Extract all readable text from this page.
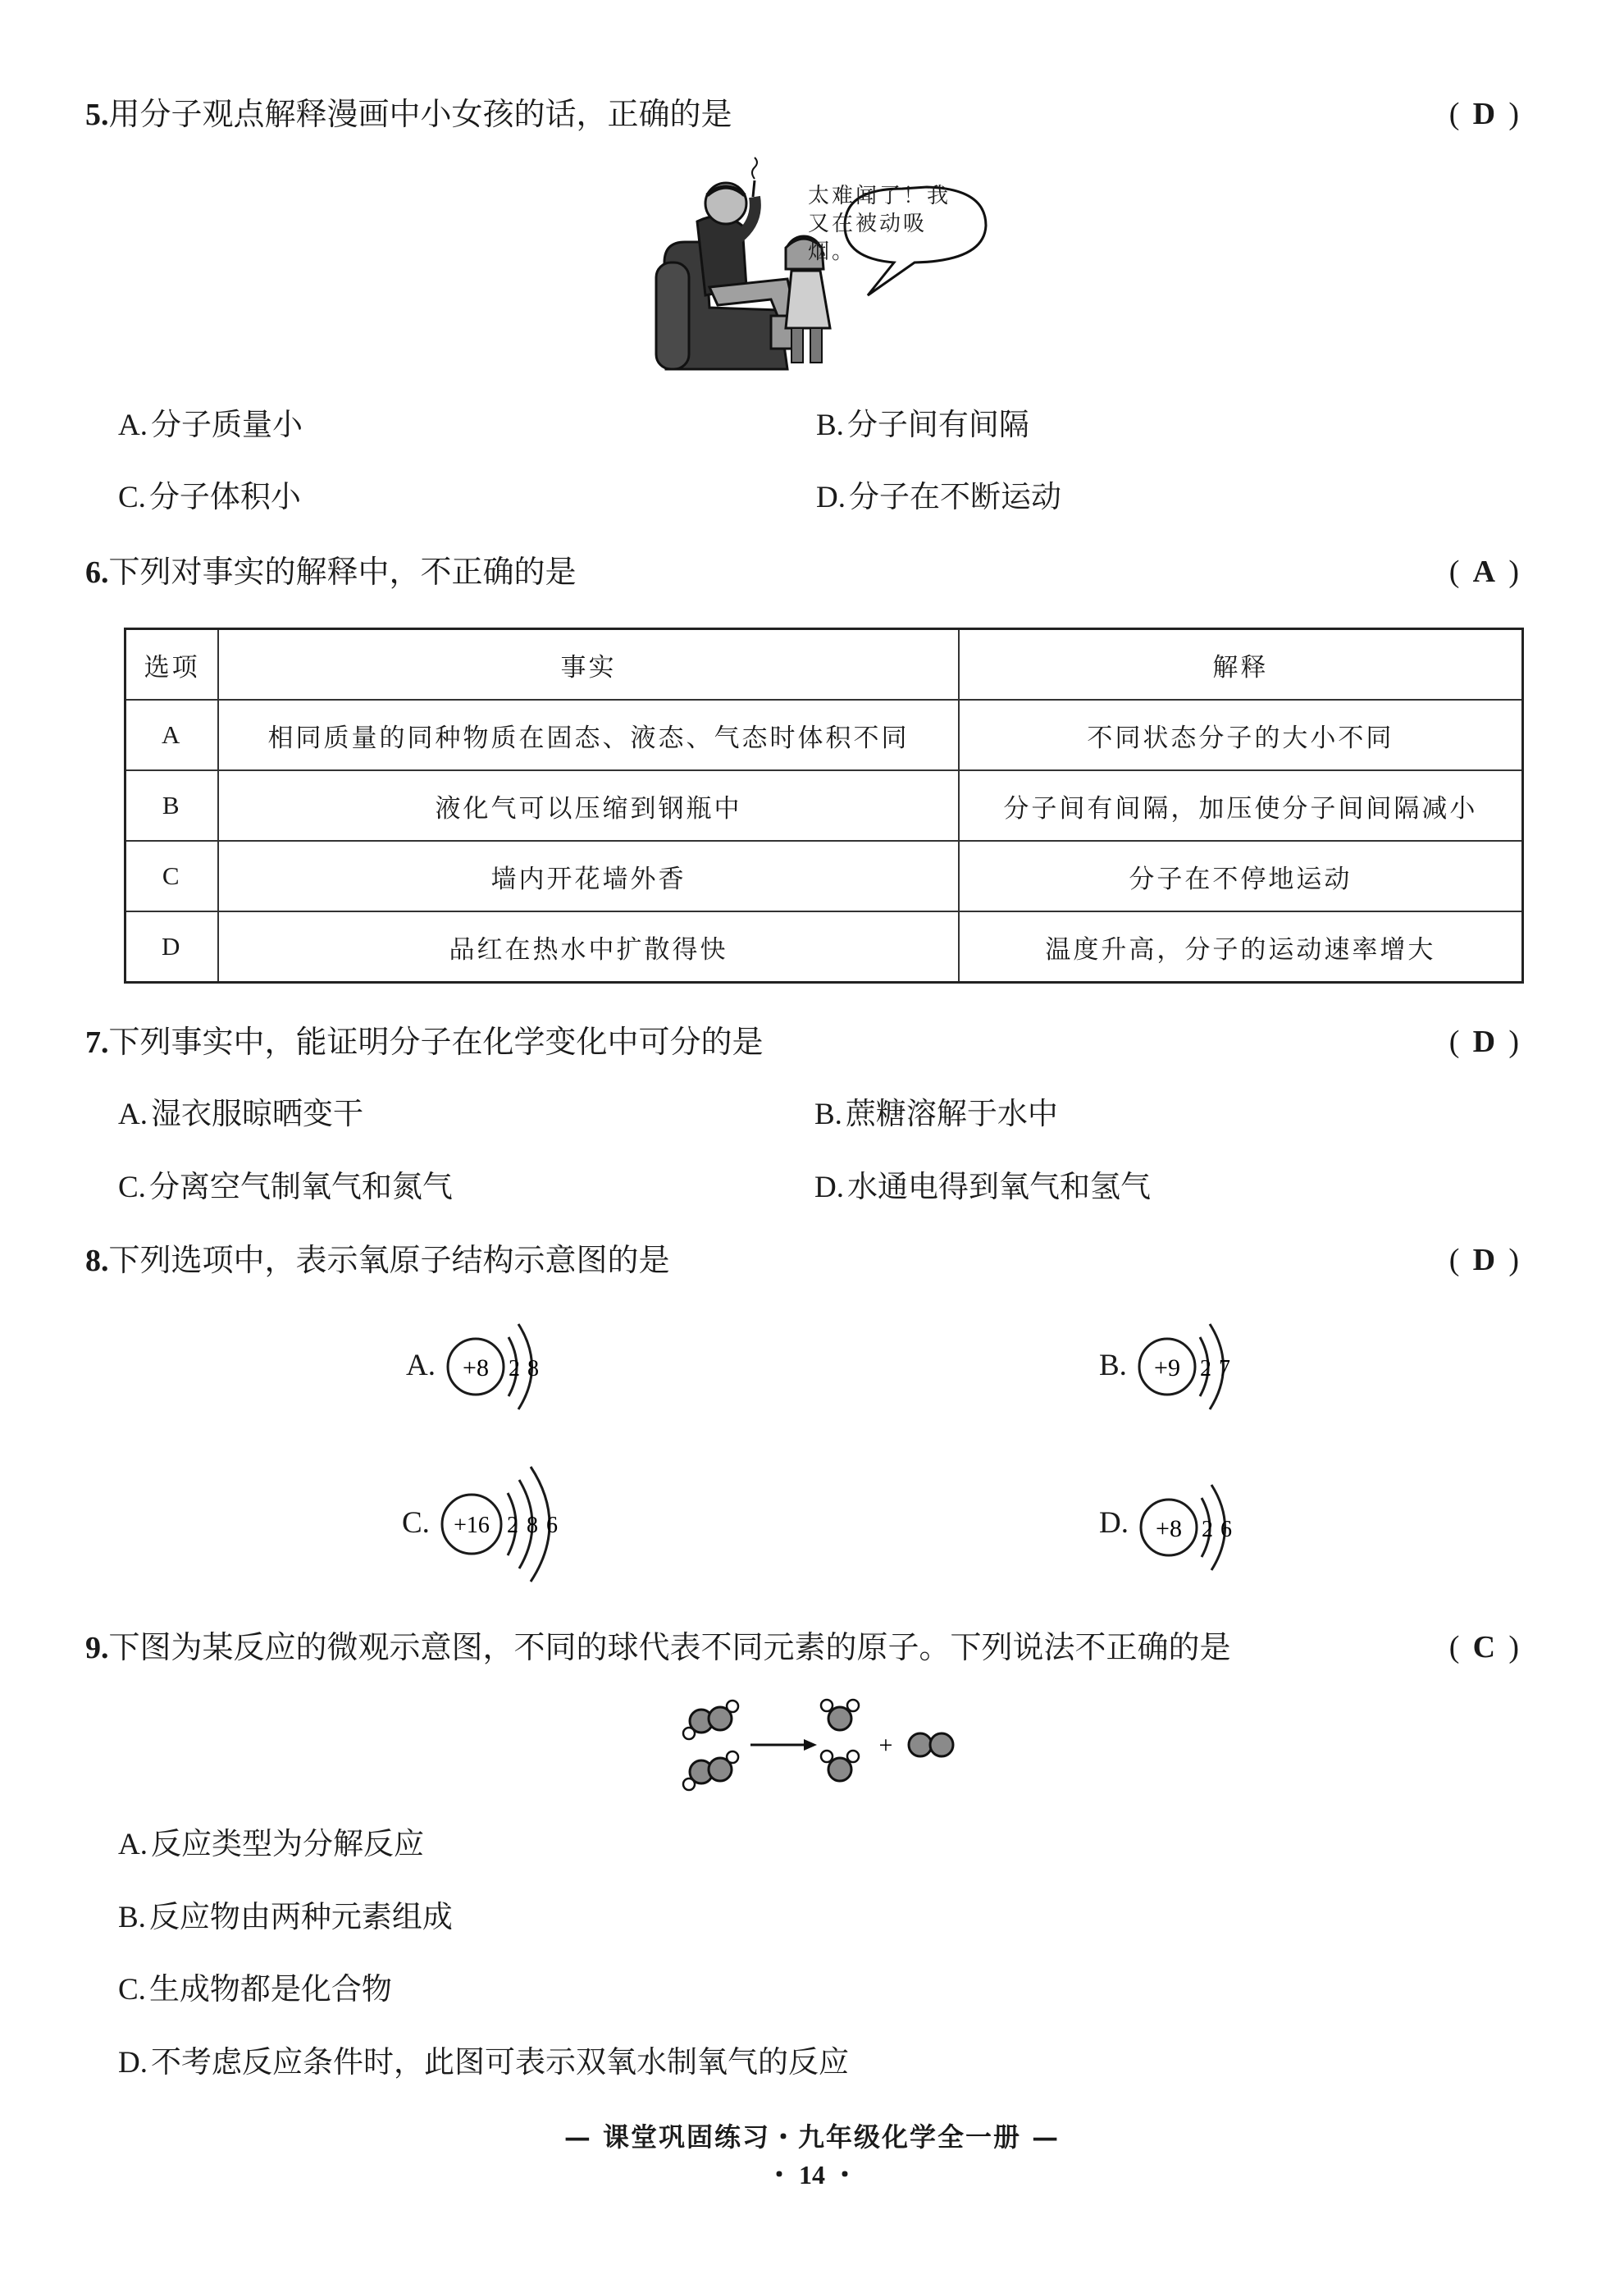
5.用分子观点解释漫画中小女孩的话，正确的是	( D )
太难闻了！我
又在被动吸烟。
A. 分子质量小	B. 分子间有间隔
C. 分子体积小	D. 分子在不断运动
6.下列对事实的解释中，不正确的是	( A )
选项	事实	解释
A	相同质量的同种物质在固态、液态、气态时体积不同	不同状态分子的大小不同
B	液化气可以压缩到钢瓶中	分子间有间隔，加压使分子间间隔减小
C	墙内开花墙外香	分子在不停地运动
D	品红在热水中扩散得快	温度升高，分子的运动速率增大
7.下列事实中，能证明分子在化学变化中可分的是	( D )
A. 湿衣服晾晒变干	B. 蔗糖溶解于水中
C. 分离空气制氧气和氮气	D. 水通电得到氧气和氢气
8.下列选项中，表示氧原子结构示意图的是	( D )
A. +8 2 8	B. +9 2 7
C. +16 2 8 6	D. +8 2 6
9.下图为某反应的微观示意图，不同的球代表不同元素的原子。下列说法不正确的是	( C )
+
A. 反应类型为分解反应
B. 反应物由两种元素组成
C. 生成物都是化合物
D. 不考虑反应条件时，此图可表示双氧水制氧气的反应
— 课堂巩固练习・九年级化学全一册 —
・ 14 ・
